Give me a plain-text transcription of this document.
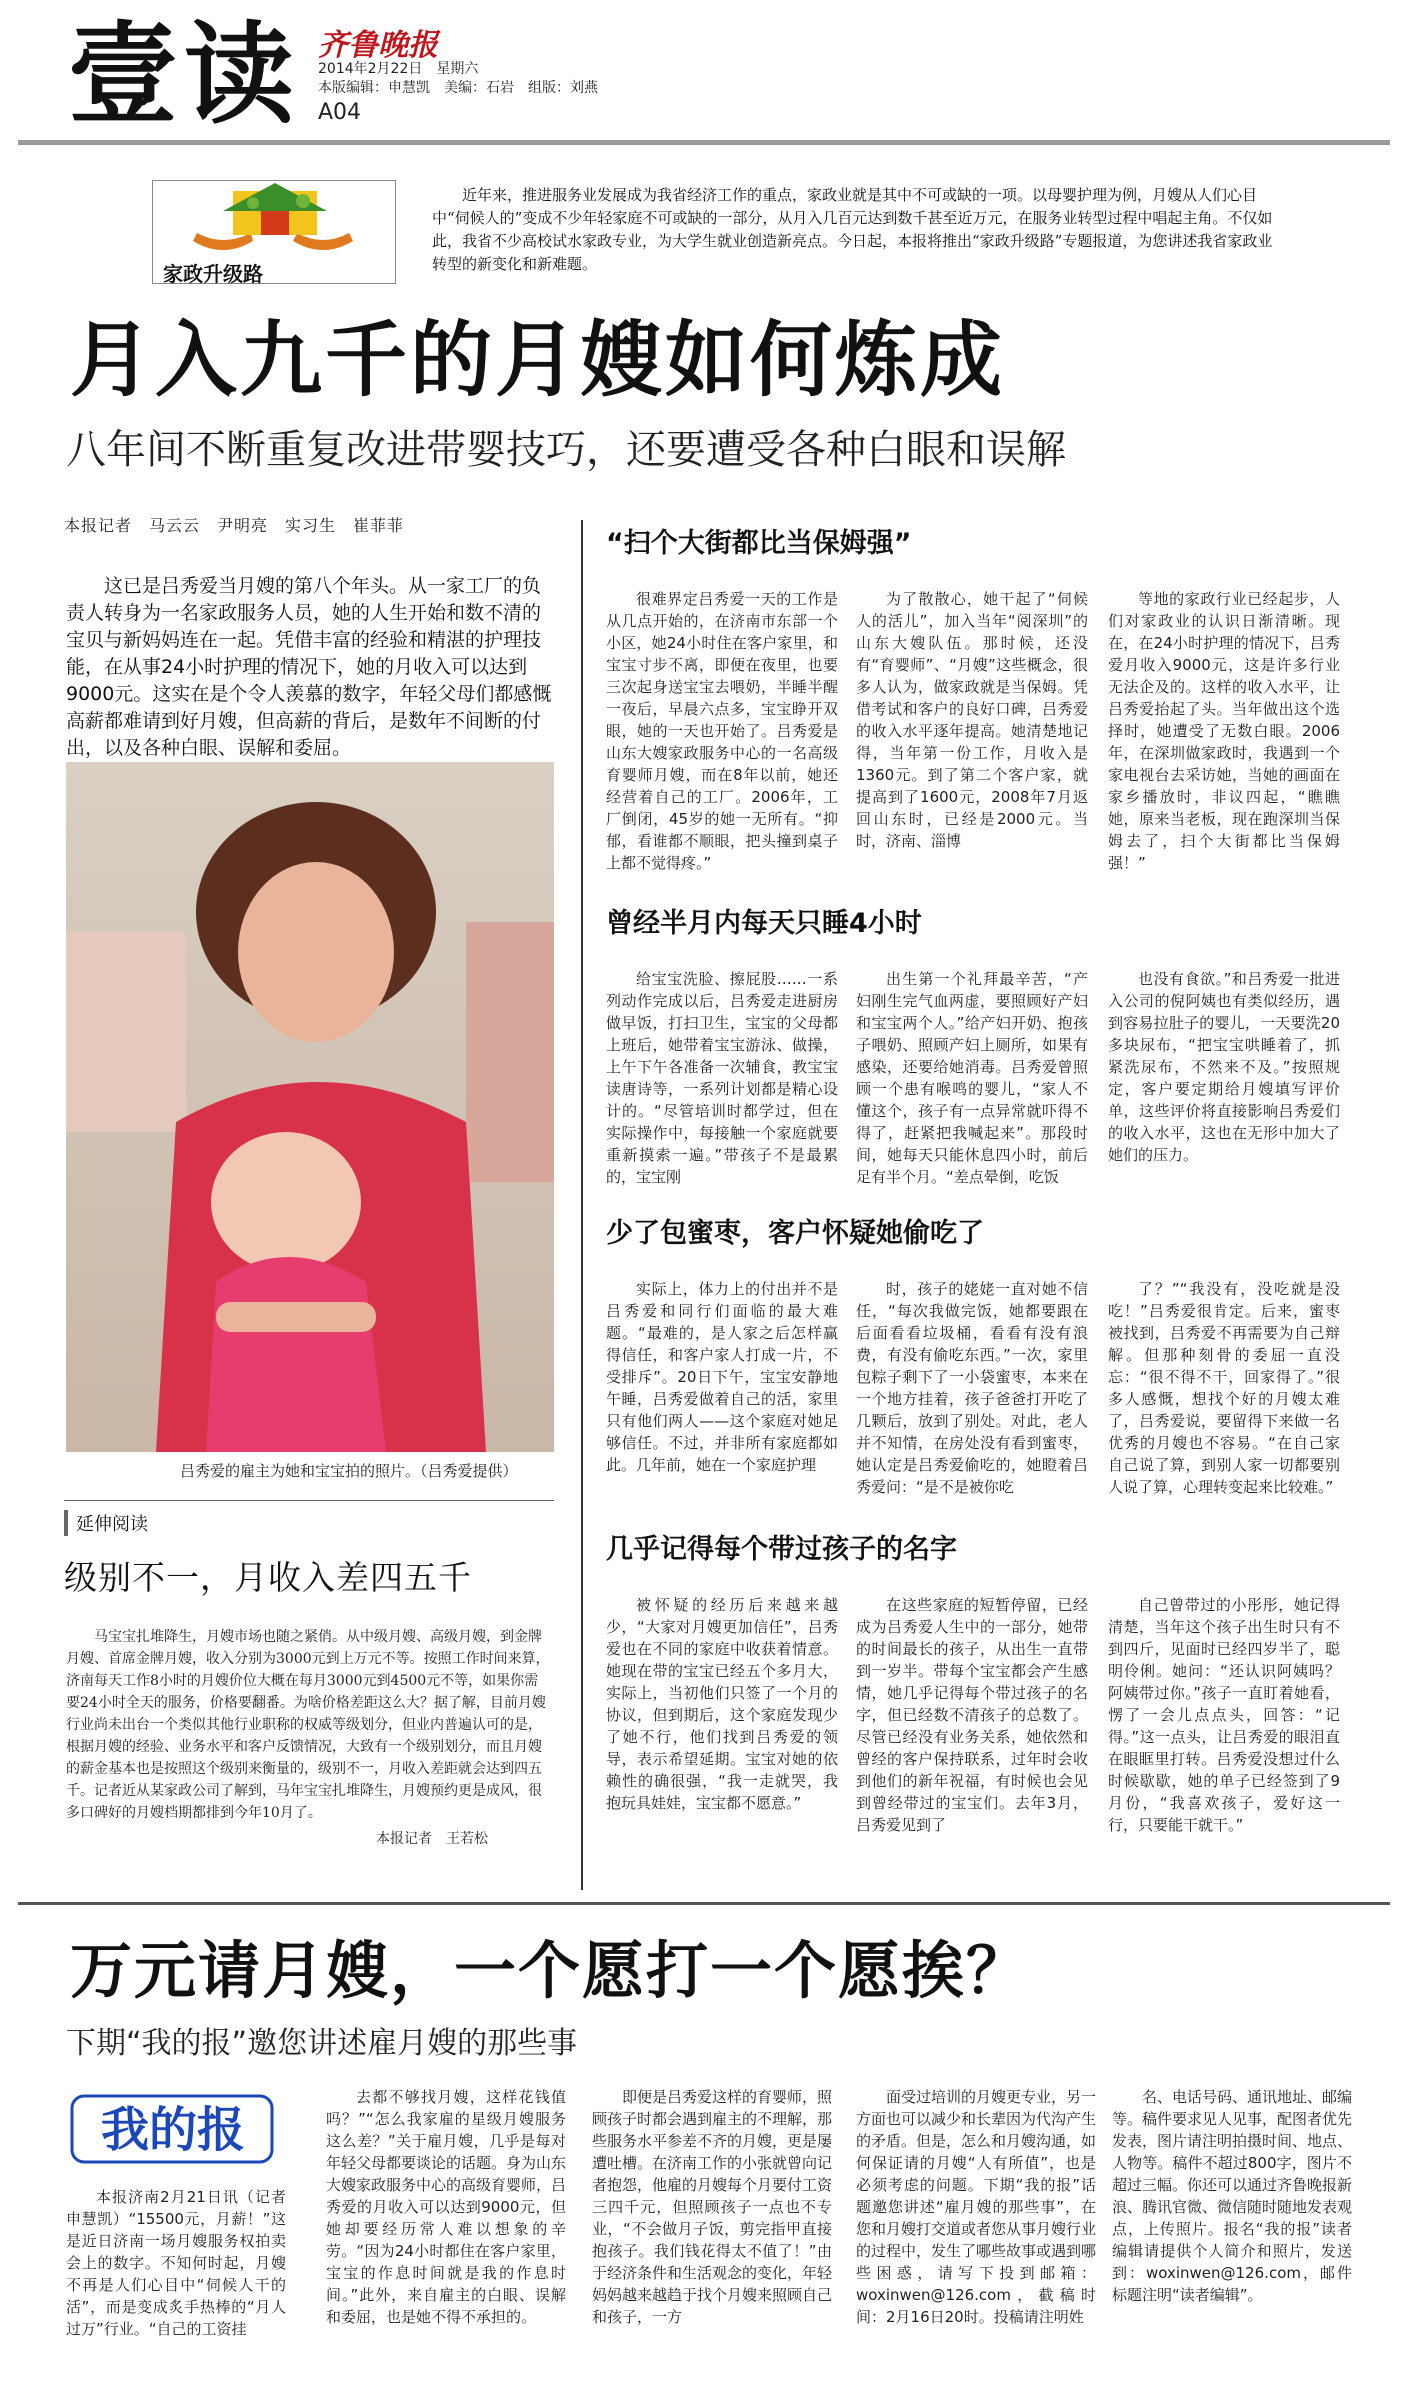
壹读 齐鲁晚报
2014年2月22日　星期六
本版编辑：申慧凯　美编：石岩　组版：刘燕
A04
家政升级路
近年来，推进服务业发展成为我省经济工作的重点，家政业就是其中不可或缺的一项。以母婴护理为例，月嫂从人们心目中“伺候人的”变成不少年轻家庭不可或缺的一部分，从月入几百元达到数千甚至近万元，在服务业转型过程中唱起主角。不仅如此，我省不少高校试水家政专业，为大学生就业创造新亮点。今日起，本报将推出“家政升级路”专题报道，为您讲述我省家政业转型的新变化和新难题。
月入九千的月嫂如何炼成
八年间不断重复改进带婴技巧，还要遭受各种白眼和误解
本报记者　马云云　尹明亮　实习生　崔菲菲
这已是吕秀爱当月嫂的第八个年头。从一家工厂的负责人转身为一名家政服务人员，她的人生开始和数不清的宝贝与新妈妈连在一起。凭借丰富的经验和精湛的护理技能，在从事24小时护理的情况下，她的月收入可以达到9000元。这实在是个令人羡慕的数字，年轻父母们都感慨高薪都难请到好月嫂，但高薪的背后，是数年不间断的付出，以及各种白眼、误解和委屈。
吕秀爱的雇主为她和宝宝拍的照片。（吕秀爱提供）
“扫个大街都比当保姆强”
很难界定吕秀爱一天的工作是从几点开始的，在济南市东部一个小区，她24小时住在客户家里，和宝宝寸步不离，即便在夜里，也要三次起身送宝宝去喂奶，半睡半醒一夜后，早晨六点多，宝宝睁开双眼，她的一天也开始了。吕秀爱是山东大嫂家政服务中心的一名高级育婴师月嫂，而在8年以前，她还经营着自己的工厂。2006年，工厂倒闭，45岁的她一无所有。“抑郁，看谁都不顺眼，把头撞到桌子上都不觉得疼。”
为了散散心，她干起了“伺候人的活儿”，加入当年“阅深圳”的山东大嫂队伍。那时候，还没有“育婴师”、“月嫂”这些概念，很多人认为，做家政就是当保姆。凭借考试和客户的良好口碑，吕秀爱的收入水平逐年提高。她清楚地记得，当年第一份工作，月收入是1360元。到了第二个客户家，就提高到了1600元，2008年7月返回山东时，已经是2000元。当时，济南、淄博
等地的家政行业已经起步，人们对家政业的认识日渐清晰。现在，在24小时护理的情况下，吕秀爱月收入9000元，这是许多行业无法企及的。这样的收入水平，让吕秀爱抬起了头。当年做出这个选择时，她遭受了无数白眼。2006年，在深圳做家政时，我遇到一个家电视台去采访她，当她的画面在家乡播放时，非议四起，“瞧瞧她，原来当老板，现在跑深圳当保姆去了，扫个大街都比当保姆强！”
曾经半月内每天只睡4小时
给宝宝洗脸、擦屁股……一系列动作完成以后，吕秀爱走进厨房做早饭，打扫卫生，宝宝的父母都上班后，她带着宝宝游泳、做操，上午下午各准备一次辅食，教宝宝读唐诗等，一系列计划都是精心设计的。“尽管培训时都学过，但在实际操作中，每接触一个家庭就要重新摸索一遍。”带孩子不是最累的，宝宝刚
出生第一个礼拜最辛苦，“产妇刚生完气血两虚，要照顾好产妇和宝宝两个人。”给产妇开奶、抱孩子喂奶、照顾产妇上厕所，如果有感染，还要给她消毒。吕秀爱曾照顾一个患有喉鸣的婴儿，“家人不懂这个，孩子有一点异常就吓得不得了，赶紧把我喊起来”。那段时间，她每天只能休息四小时，前后足有半个月。“差点晕倒，吃饭
也没有食欲。”和吕秀爱一批进入公司的倪阿姨也有类似经历，遇到容易拉肚子的婴儿，一天要洗20多块尿布，“把宝宝哄睡着了，抓紧洗尿布，不然来不及。”按照规定，客户要定期给月嫂填写评价单，这些评价将直接影响吕秀爱们的收入水平，这也在无形中加大了她们的压力。
少了包蜜枣，客户怀疑她偷吃了
实际上，体力上的付出并不是吕秀爱和同行们面临的最大难题。“最难的，是人家之后怎样赢得信任，和客户家人打成一片，不受排斥”。20日下午，宝宝安静地午睡，吕秀爱做着自己的活，家里只有他们两人——这个家庭对她足够信任。不过，并非所有家庭都如此。几年前，她在一个家庭护理
时，孩子的姥姥一直对她不信任，“每次我做完饭，她都要跟在后面看看垃圾桶，看看有没有浪费，有没有偷吃东西。”一次，家里包粽子剩下了一小袋蜜枣，本来在一个地方挂着，孩子爸爸打开吃了几颗后，放到了别处。对此，老人并不知情，在房处没有看到蜜枣，她认定是吕秀爱偷吃的，她瞪着吕秀爱问：“是不是被你吃
了？”“我没有，没吃就是没吃！”吕秀爱很肯定。后来，蜜枣被找到，吕秀爱不再需要为自己辩解。但那种刻骨的委屈一直没忘：“很不得不干，回家得了。”很多人感慨，想找个好的月嫂太难了，吕秀爱说，要留得下来做一名优秀的月嫂也不容易。“在自己家自己说了算，到别人家一切都要别人说了算，心理转变起来比较难。”
几乎记得每个带过孩子的名字
被怀疑的经历后来越来越少，“大家对月嫂更加信任”，吕秀爱也在不同的家庭中收获着情意。她现在带的宝宝已经五个多月大，实际上，当初他们只签了一个月的协议，但到期后，这个家庭发现少了她不行，他们找到吕秀爱的领导，表示希望延期。宝宝对她的依赖性的确很强，“我一走就哭，我抱玩具娃娃，宝宝都不愿意。”
在这些家庭的短暂停留，已经成为吕秀爱人生中的一部分，她带的时间最长的孩子，从出生一直带到一岁半。带每个宝宝都会产生感情，她几乎记得每个带过孩子的名字，但已经数不清孩子的总数了。尽管已经没有业务关系，她依然和曾经的客户保持联系，过年时会收到他们的新年祝福，有时候也会见到曾经带过的宝宝们。去年3月，吕秀爱见到了
自己曾带过的小彤彤，她记得清楚，当年这个孩子出生时只有不到四斤，见面时已经四岁半了，聪明伶俐。她问：“还认识阿姨吗？阿姨带过你。”孩子一直盯着她看，愣了一会儿点点头，回答：“记得。”这一点头，让吕秀爱的眼泪直在眼眶里打转。吕秀爱没想过什么时候歇歇，她的单子已经签到了9月份，“我喜欢孩子，爱好这一行，只要能干就干。”
延伸阅读
级别不一，月收入差四五千
马宝宝扎堆降生，月嫂市场也随之紧俏。从中级月嫂、高级月嫂，到金牌月嫂、首席金牌月嫂，收入分别为3000元到上万元不等。按照工作时间来算，济南每天工作8小时的月嫂价位大概在每月3000元到4500元不等，如果你需要24小时全天的服务，价格要翻番。为啥价格差距这么大？据了解，目前月嫂行业尚未出台一个类似其他行业职称的权威等级划分，但业内普遍认可的是，根据月嫂的经验、业务水平和客户反馈情况，大致有一个级别划分，而且月嫂的薪金基本也是按照这个级别来衡量的，级别不一，月收入差距就会达到四五千。记者近从某家政公司了解到，马年宝宝扎堆降生，月嫂预约更是成风，很多口碑好的月嫂档期都排到今年10月了。
本报记者　王若松
万元请月嫂，一个愿打一个愿挨？
下期“我的报”邀您讲述雇月嫂的那些事
我的报
本报济南2月21日讯（记者　申慧凯）“15500元，月薪！”这是近日济南一场月嫂服务权拍卖会上的数字。不知何时起，月嫂不再是人们心目中“伺候人干的活”，而是变成炙手热棒的“月人过万”行业。“自己的工资挂
去都不够找月嫂，这样花钱值吗？”“怎么我家雇的星级月嫂服务这么差？”关于雇月嫂，几乎是每对年轻父母都要谈论的话题。身为山东大嫂家政服务中心的高级育婴师，吕秀爱的月收入可以达到9000元，但她却要经历常人难以想象的辛劳。“因为24小时都住在客户家里，宝宝的作息时间就是我的作息时间。”此外，来自雇主的白眼、误解和委屈，也是她不得不承担的。
即便是吕秀爱这样的育婴师，照顾孩子时都会遇到雇主的不理解，那些服务水平参差不齐的月嫂，更是屡遭吐槽。在济南工作的小张就曾向记者抱怨，他雇的月嫂每个月要付工资三四千元，但照顾孩子一点也不专业，“不会做月子饭，剪完指甲直接抱孩子。我们钱花得太不值了！”由于经济条件和生活观念的变化，年轻妈妈越来越趋于找个月嫂来照顾自己和孩子，一方
面受过培训的月嫂更专业，另一方面也可以减少和长辈因为代沟产生的矛盾。但是，怎么和月嫂沟通，如何保证请的月嫂“人有所值”，也是必须考虑的问题。下期“我的报”话题邀您讲述“雇月嫂的那些事”，在您和月嫂打交道或者您从事月嫂行业的过程中，发生了哪些故事或遇到哪些困惑，请写下投到邮箱：woxinwen@126.com，截稿时间：2月16日20时。投稿请注明姓
名、电话号码、通讯地址、邮编等。稿件要求见人见事，配图者优先发表，图片请注明拍摄时间、地点、人物等。稿件不超过800字，图片不超过三幅。你还可以通过齐鲁晚报新浪、腾讯官微、微信随时随地发表观点，上传照片。报名“我的报”读者编辑请提供个人简介和照片，发送到：woxinwen@126.com，邮件标题注明“读者编辑”。
